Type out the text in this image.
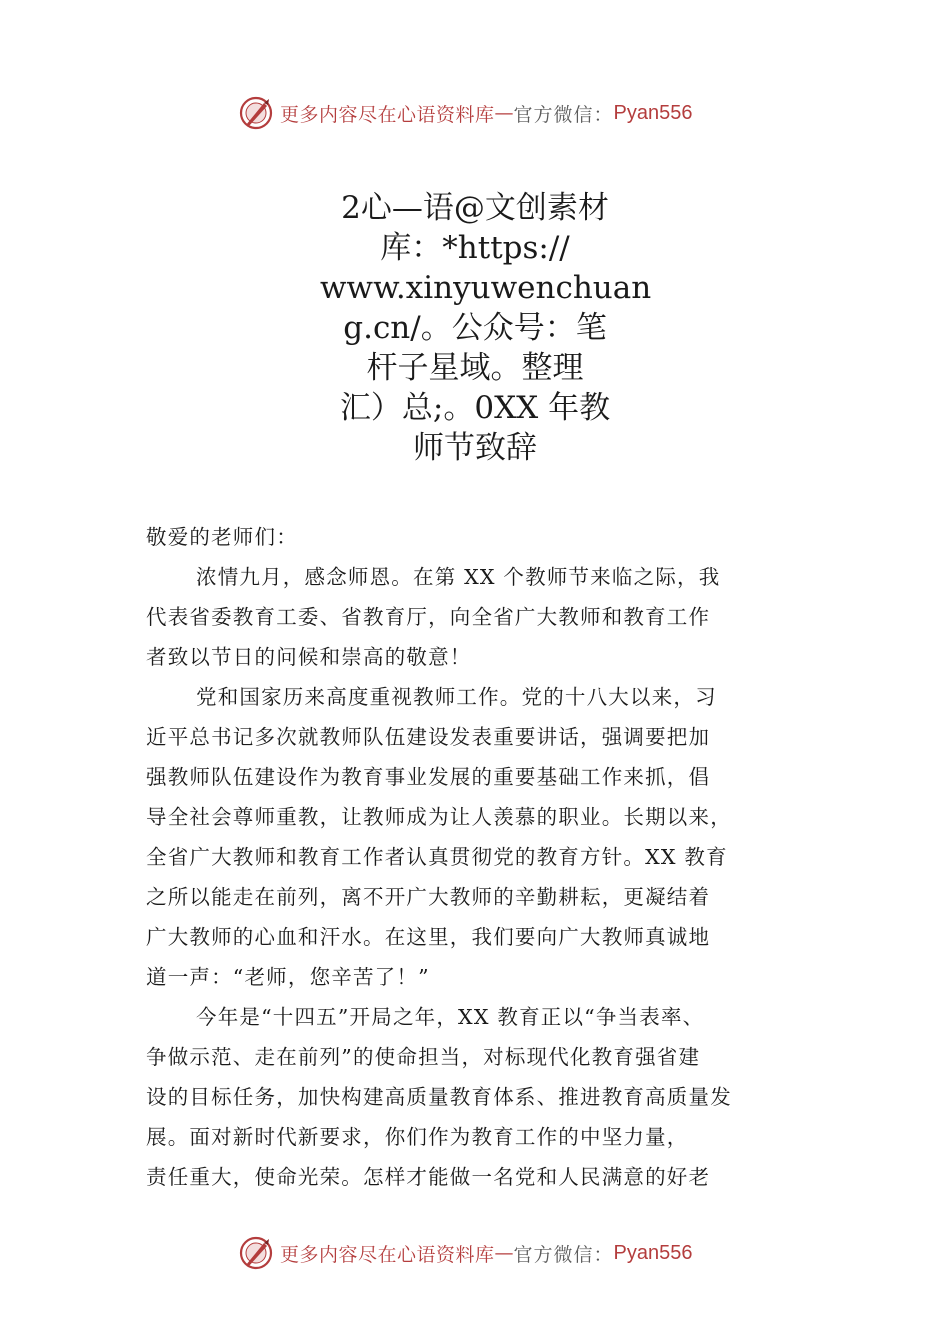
更多内容尽在心语资料库 — 官方微信： Pyan556
2心—语@文创素材
库：*https://
www.xinyuwenchuan
g.cn/。公众号：笔
杆子星域。整理
汇）总;。0XX 年教
师节致辞
敬爱的老师们：
浓情九月，感念师恩。在第 XX 个教师节来临之际，我
代表省委教育工委、省教育厅，向全省广大教师和教育工作
者致以节日的问候和崇高的敬意！
党和国家历来高度重视教师工作。党的十八大以来，习
近平总书记多次就教师队伍建设发表重要讲话，强调要把加
强教师队伍建设作为教育事业发展的重要基础工作来抓，倡
导全社会尊师重教，让教师成为让人羡慕的职业。长期以来，
全省广大教师和教育工作者认真贯彻党的教育方针。XX 教育
之所以能走在前列，离不开广大教师的辛勤耕耘，更凝结着
广大教师的心血和汗水。在这里，我们要向广大教师真诚地
道一声：“老师，您辛苦了！”
今年是“十四五”开局之年，XX 教育正以“争当表率、
争做示范、走在前列”的使命担当，对标现代化教育强省建
设的目标任务，加快构建高质量教育体系、推进教育高质量发
展。面对新时代新要求，你们作为教育工作的中坚力量，
责任重大，使命光荣。怎样才能做一名党和人民满意的好老
更多内容尽在心语资料库 — 官方微信： Pyan556
